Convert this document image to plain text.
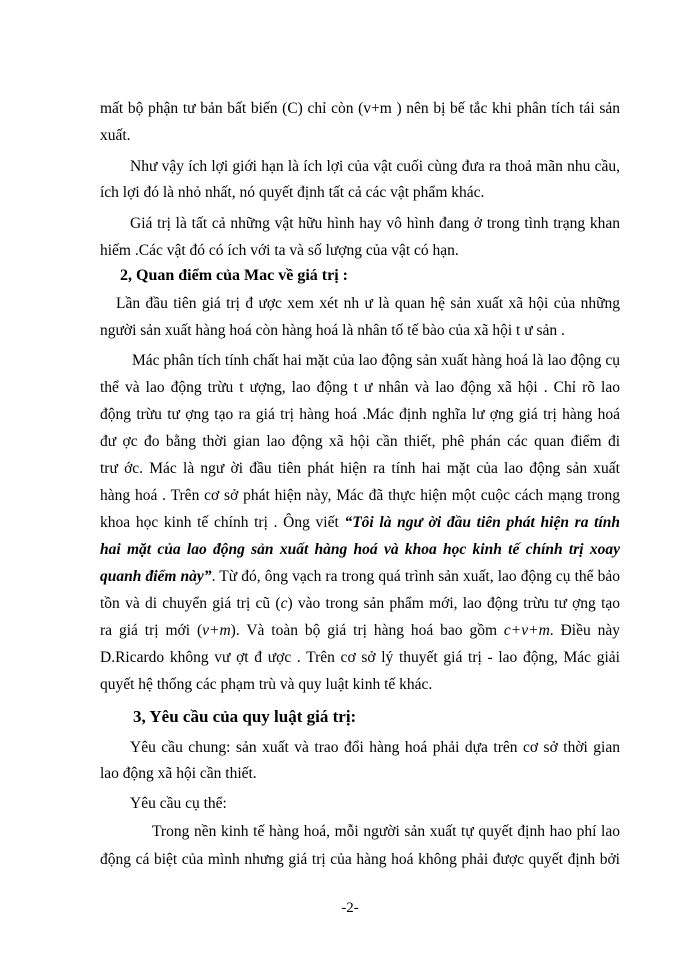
mất bộ phận tư bản bất biến (C) chỉ còn (v+m ) nên bị bế tắc khi phân tích tái sản
xuất.
Như vậy ích lợi giới hạn là ích lợi của vật cuối cùng đưa ra thoả mãn nhu cầu,
ích lợi đó là nhỏ nhất, nó quyết định tất cả các vật phẩm khác.
Giá trị là tất cả những vật hữu hình hay vô hình đang ở trong tình trạng khan
hiếm .Các vật đó có ích với ta và số lượng của vật có hạn.
2, Quan điểm của Mac về giá trị :
Lần đầu tiên giá trị đ ược xem xét nh ư là quan hệ sản xuất xã hội của những
người sản xuất hàng hoá còn hàng hoá là nhân tố tế bào của xã hội t ư sản .
Mác phân tích tính chất hai mặt của lao động sản xuất hàng hoá là lao động cụ
thể và lao động trừu t ượng, lao động t ư nhân và lao động xã hội . Chỉ rõ lao
động trừu tư ợng tạo ra giá trị hàng hoá .Mác định nghĩa lư ợng giá trị hàng hoá
đư ợc đo bằng thời gian lao động xã hội cần thiết, phê phán các quan điểm đi
trư ớc. Mác là ngư ời đầu tiên phát hiện ra tính hai mặt của lao động sản xuất
hàng hoá . Trên cơ sở phát hiện này, Mác đã thực hiện một cuộc cách mạng trong
khoa học kinh tế chính trị . Ông viết “Tôi là ngư ời đầu tiên phát hiện ra tính
hai mặt của lao động sản xuất hàng hoá và khoa học kinh tế chính trị xoay
quanh điểm này”. Từ đó, ông vạch ra trong quá trình sản xuất, lao động cụ thể bảo
tồn và di chuyển giá trị cũ (c) vào trong sản phẩm mới, lao động trừu tư ợng tạo
ra giá trị mới (v+m). Và toàn bộ giá trị hàng hoá bao gồm c+v+m. Điều này
D.Ricardo không vư ợt đ ược . Trên cơ sở lý thuyết giá trị - lao động, Mác giải
quyết hệ thống các phạm trù và quy luật kinh tế khác.
3, Yêu cầu của quy luật giá trị:
Yêu cầu chung: sản xuất và trao đổi hàng hoá phải dựa trên cơ sở thời gian
lao động xã hội cần thiết.
Yêu cầu cụ thể:
Trong nền kinh tế hàng hoá, mỗi người sản xuất tự quyết định hao phí lao
động cá biệt của mình nhưng giá trị của hàng hoá không phải được quyết định bởi
-2-
